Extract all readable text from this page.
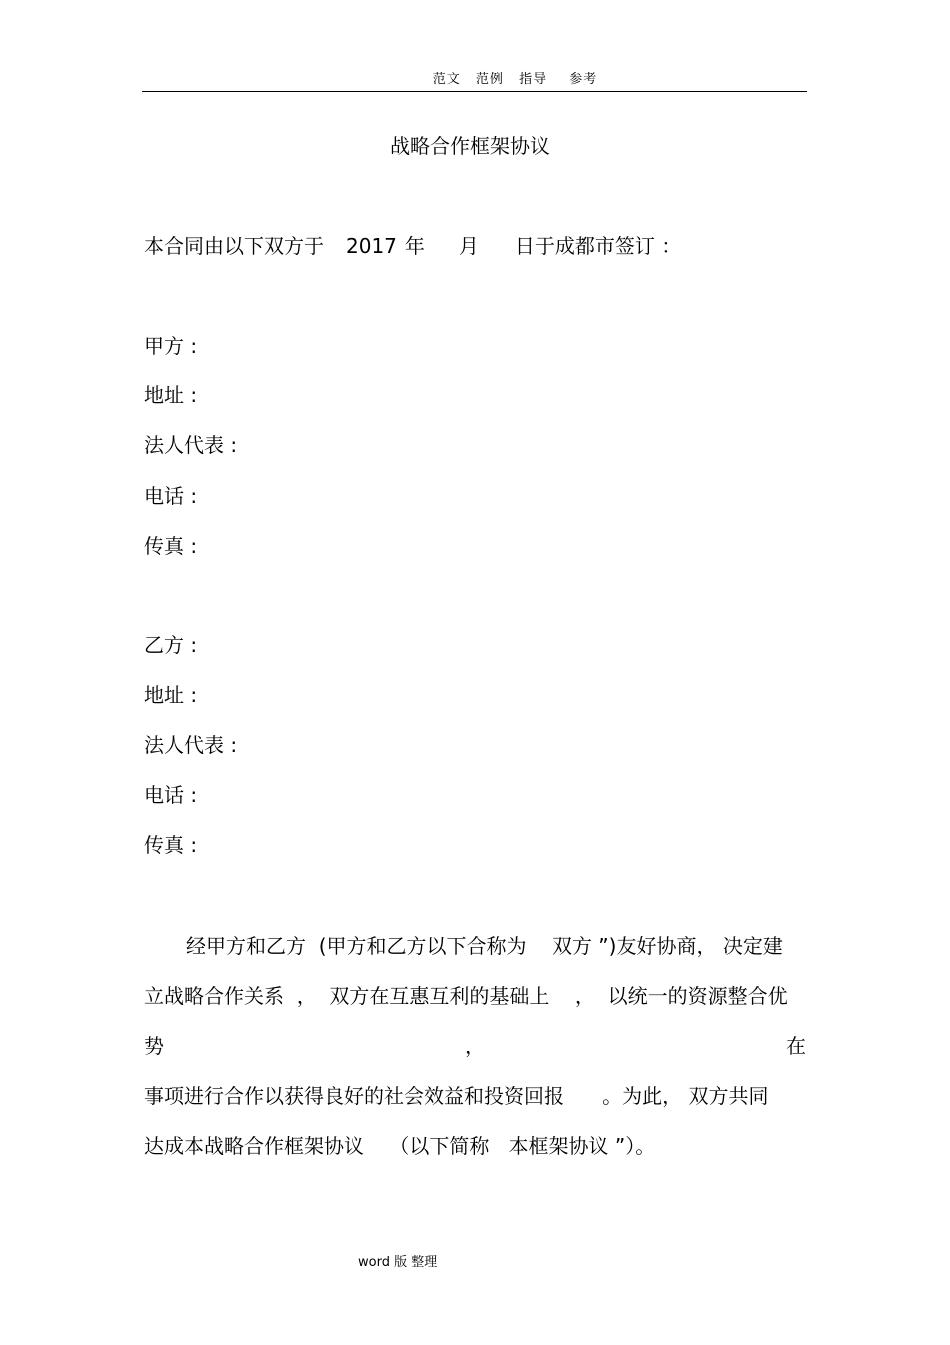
范文 范例 指导 参考
战略合作框架协议
本合同由以下双方于 2017 年 月 日于成都市签订 ：
甲方 :
地址 :
法人代表 :
电话 :
传真 :
乙方 :
地址 :
法人代表 :
电话 :
传真 :
经甲方和乙方  (甲方和乙方以下合称为    双方 ”)友好协商， 决定建
立战略合作关系  ，  双方在互惠互利的基础上    ，  以统一的资源整合优
势	，	在
事项进行合作以获得良好的社会效益和投资回报      。为此， 双方共同
达成本战略合作框架协议    （以下简称   本框架协议 ”）。
word 版 整理
